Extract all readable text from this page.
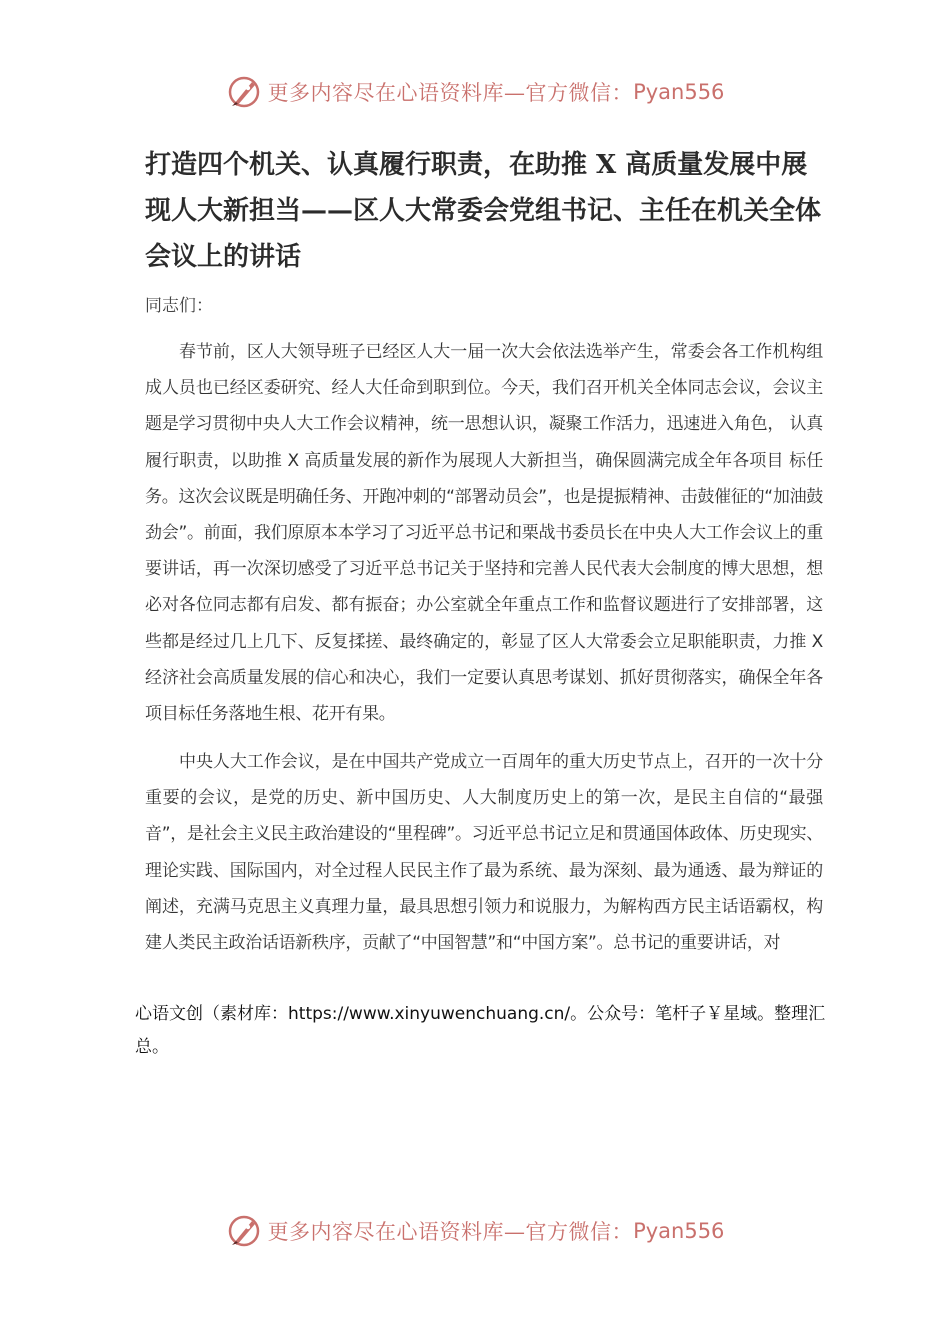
更多内容尽在心语资料库—官方微信： Pyan556
打造四个机关、认真履行职责，在助推 X 高质量发展中展现人大新担当——区人大常委会党组书记、主任在机关全体会议上的讲话

同志们：

春节前，区人大领导班子已经区人大一届一次大会依法选举产生，常委会各工作机构组成人员也已经区委研究、经人大任命到职到位。今天，我们召开机关全体同志会议，会议主题是学习贯彻中央人大工作会议精神，统一思想认识，凝聚工作活力，迅速进入角色， 认真履行职责，以助推 X 高质量发展的新作为展现人大新担当，确保圆满完成全年各项目 标任务。这次会议既是明确任务、开跑冲刺的“部署动员会”，也是提振精神、击鼓催征的“加油鼓劲会”。前面，我们原原本本学习了习近平总书记和栗战书委员长在中央人大工作会议上的重要讲话，再一次深切感受了习近平总书记关于坚持和完善人民代表大会制度的博大思想，想必对各位同志都有启发、都有振奋；办公室就全年重点工作和监督议题进行了安排部署，这些都是经过几上几下、反复揉搓、最终确定的，彰显了区人大常委会立足职能职责，力推 X 经济社会高质量发展的信心和决心，我们一定要认真思考谋划、抓好贯彻落实，确保全年各项目标任务落地生根、花开有果。

中央人大工作会议，是在中国共产党成立一百周年的重大历史节点上，召开的一次十分重要的会议，是党的历史、新中国历史、人大制度历史上的第一次，是民主自信的“最强音”，是社会主义民主政治建设的“里程碑”。习近平总书记立足和贯通国体政体、历史现实、理论实践、国际国内，对全过程人民民主作了最为系统、最为深刻、最为通透、最为辩证的阐述，充满马克思主义真理力量，最具思想引领力和说服力，为解构西方民主话语霸权，构建人类民主政治话语新秩序，贡献了“中国智慧”和“中国方案”。总书记的重要讲话，对

心语文创（素材库：https://www.xinyuwenchuang.cn/。公众号：笔杆子￥星域。整理汇总。

更多内容尽在心语资料库—官方微信： Pyan556
